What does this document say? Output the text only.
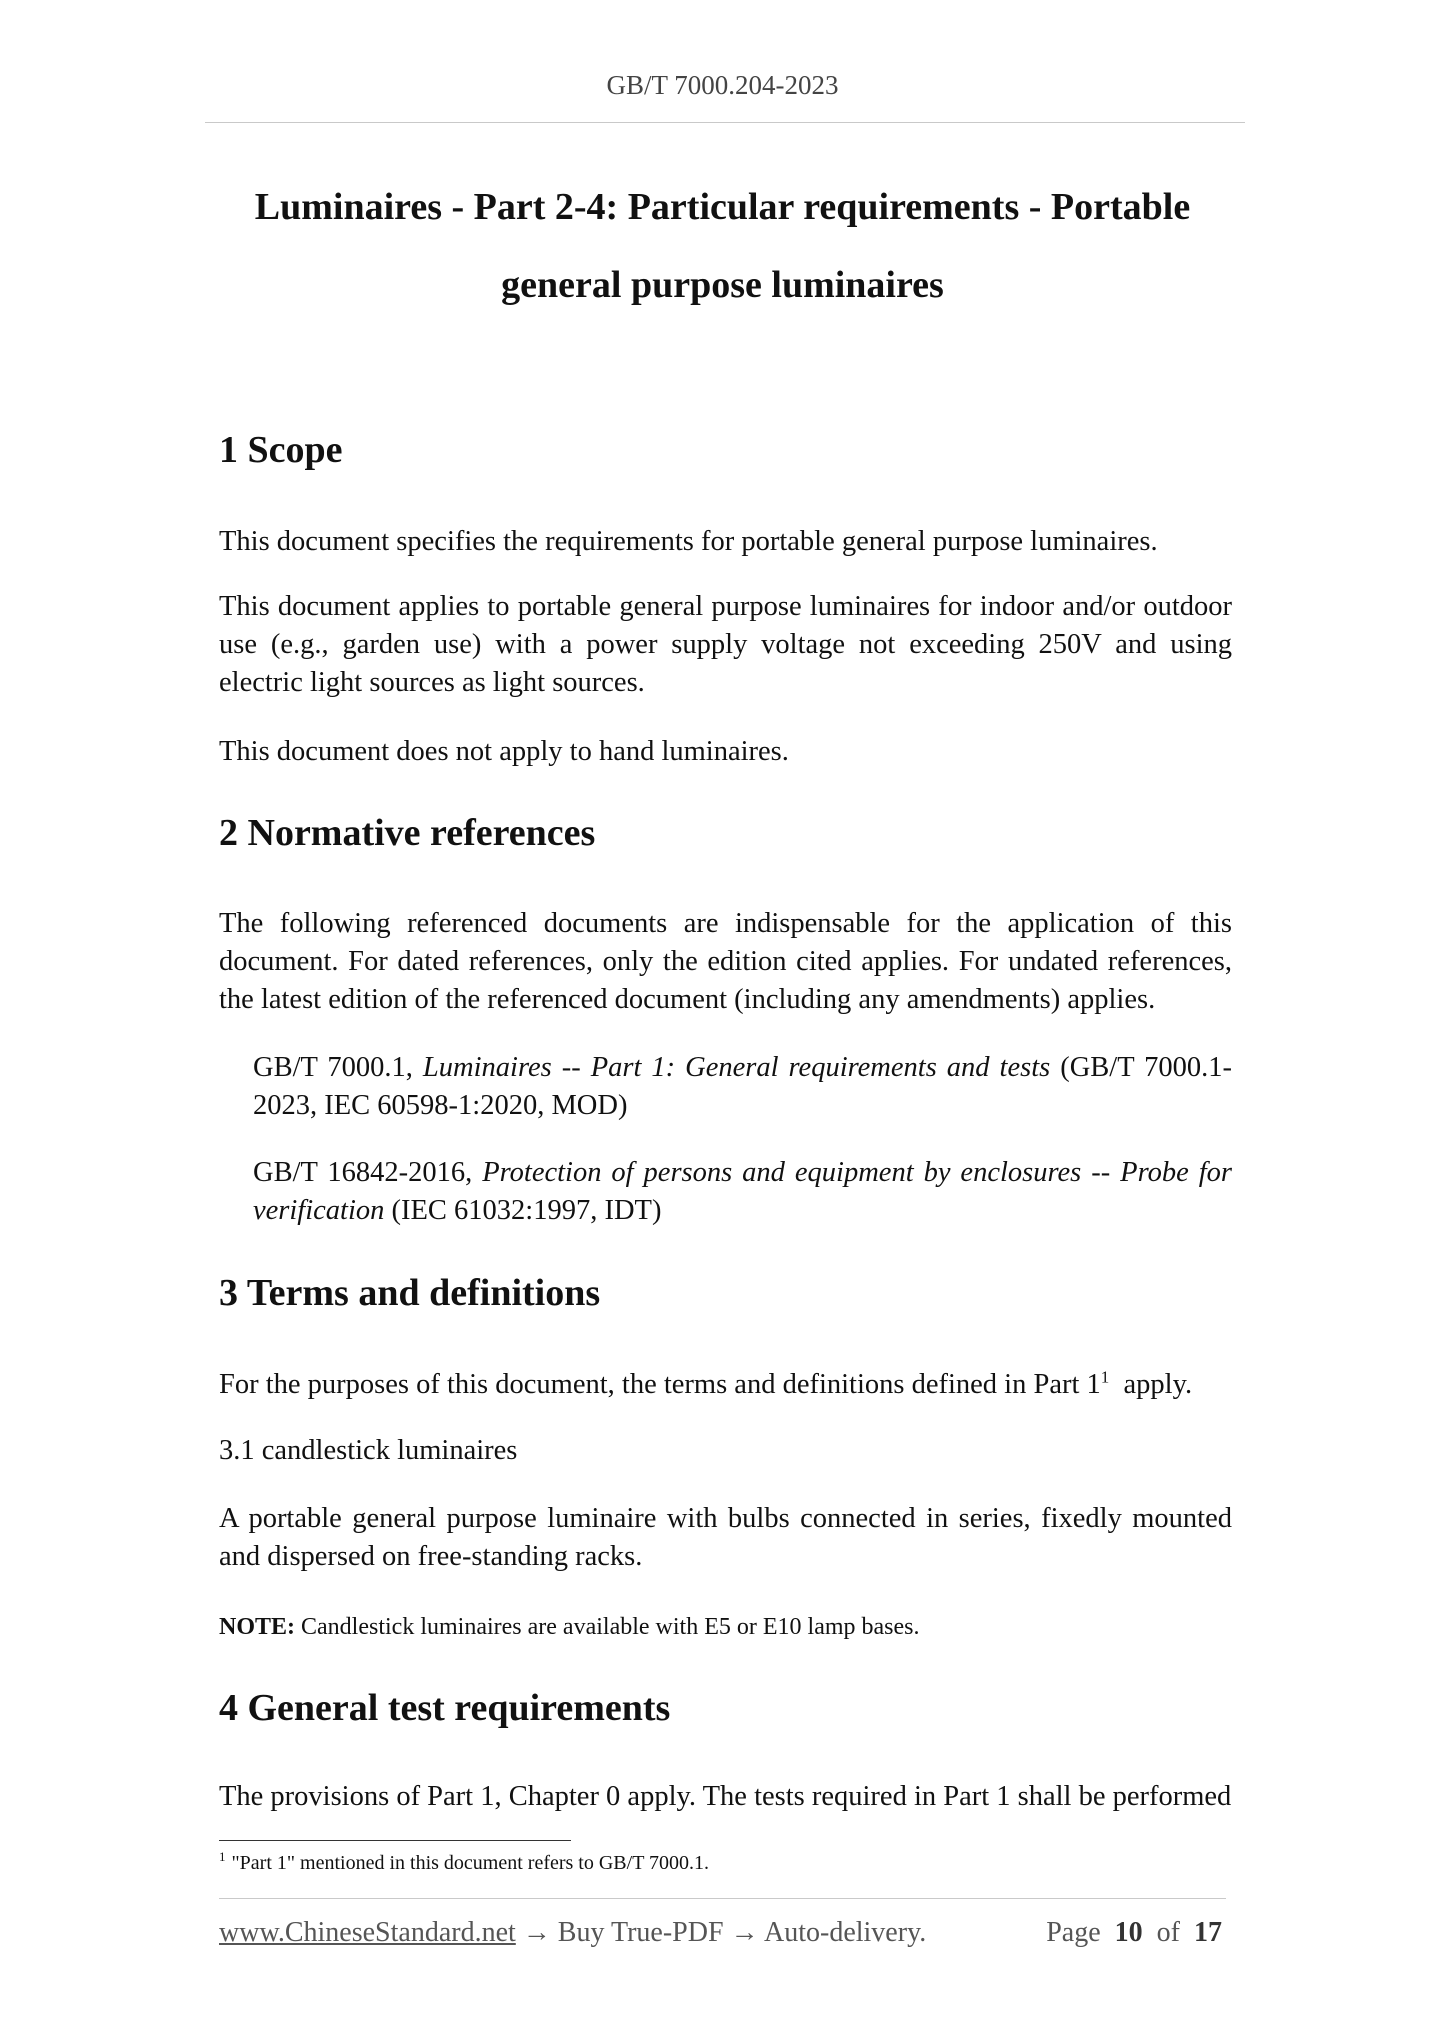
GB/T 7000.204-2023
Luminaires - Part 2-4: Particular requirements - Portable
general purpose luminaires
1 Scope

This document specifies the requirements for portable general purpose luminaires.

This document applies to portable general purpose luminaires for indoor and/or outdoor use (e.g., garden use) with a power supply voltage not exceeding 250V and using electric light sources as light sources.

This document does not apply to hand luminaires.

2 Normative references

The following referenced documents are indispensable for the application of this document. For dated references, only the edition cited applies. For undated references, the latest edition of the referenced document (including any amendments) applies.

GB/T 7000.1, Luminaires -- Part 1: General requirements and tests (GB/T 7000.1-2023, IEC 60598-1:2020, MOD)

GB/T 16842-2016, Protection of persons and equipment by enclosures -- Probe for verification (IEC 61032:1997, IDT)

3 Terms and definitions

For the purposes of this document, the terms and definitions defined in Part $1^1$  apply.

3.1 candlestick luminaires

A portable general purpose luminaire with bulbs connected in series, fixedly mounted and dispersed on free-standing racks.

NOTE: Candlestick luminaires are available with E5 or E10 lamp bases.

4 General test requirements

The provisions of Part 1, Chapter 0 apply. The tests required in Part 1 shall be performed

$^1$ "Part 1" mentioned in this document refers to GB/T 7000.1.
www.ChineseStandard.net → Buy True-PDF → Auto-delivery.	Page 10 of 17
